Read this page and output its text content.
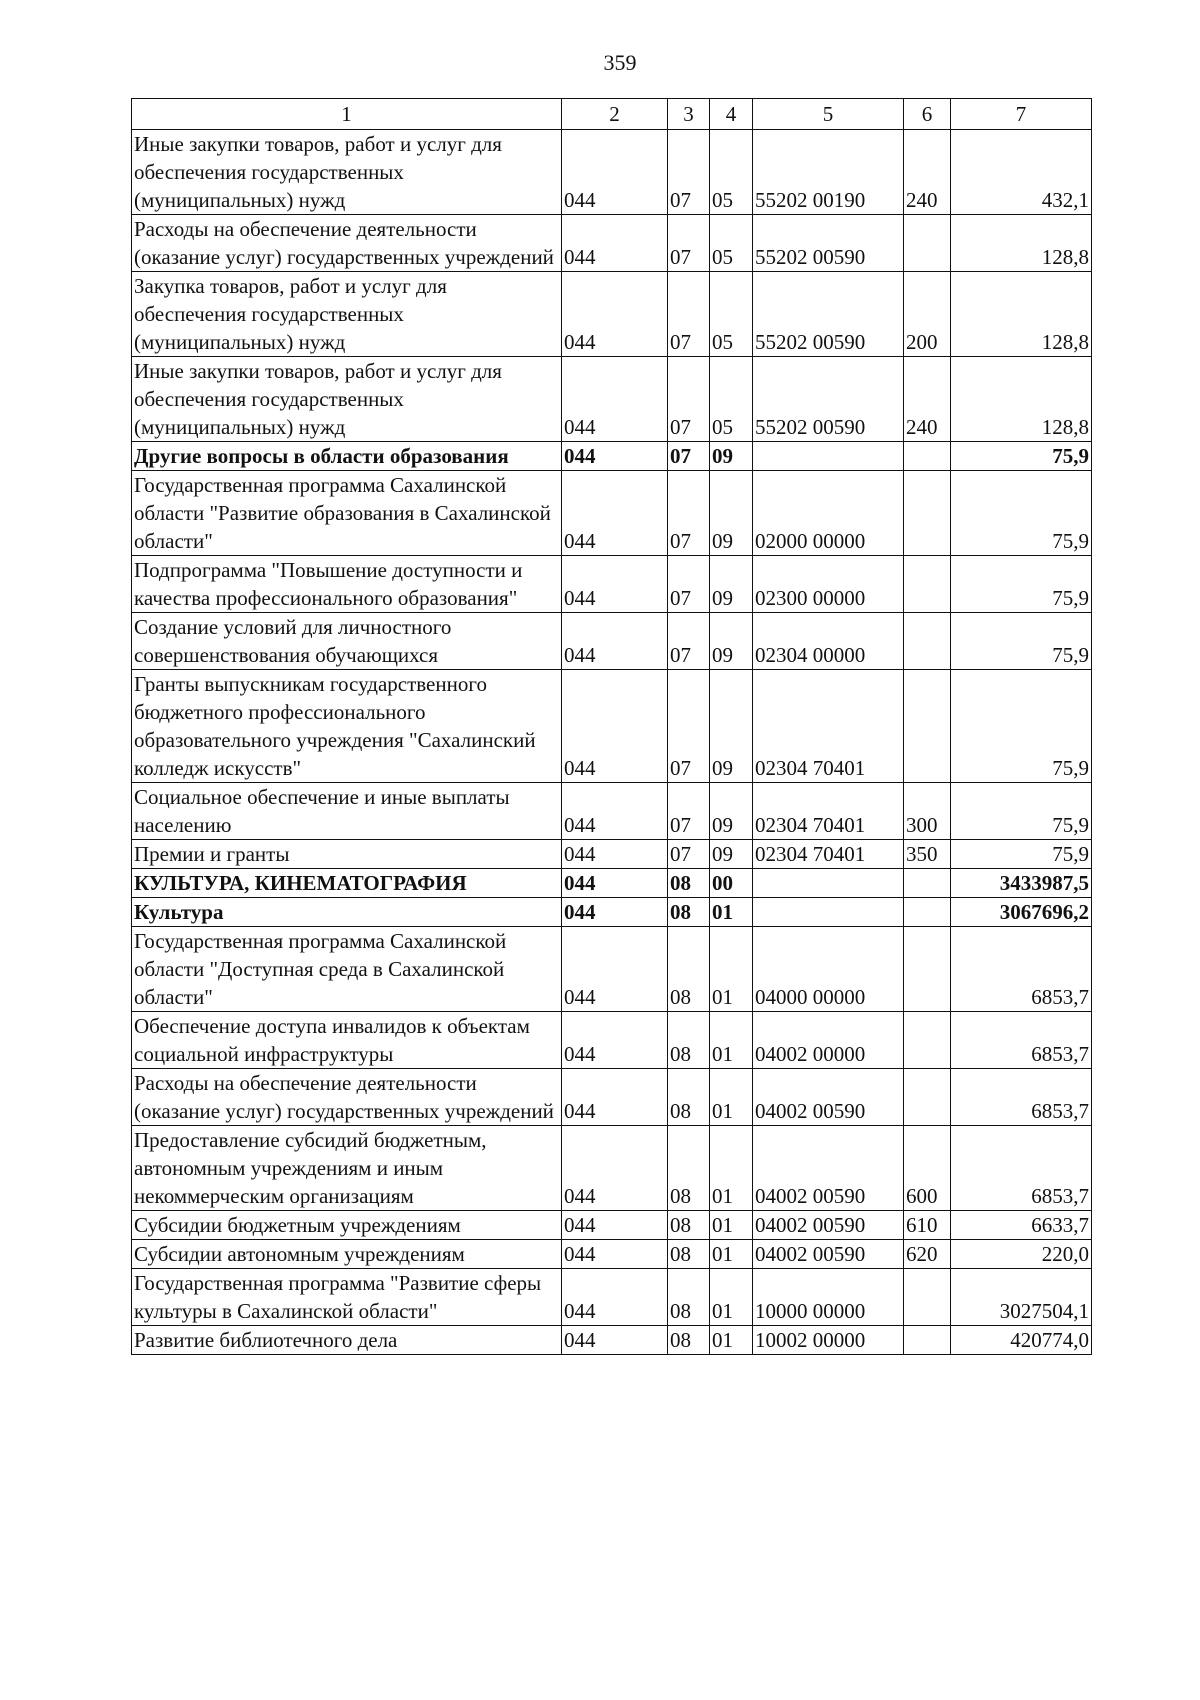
359
1	2	3	4	5	6	7
Иные закупки товаров, работ и услуг для обеспечения государственных (муниципальных) нужд	044	07	05	55202 00190	240	432,1
Расходы на обеспечение деятельности (оказание услуг) государственных учреждений	044	07	05	55202 00590		128,8
Закупка товаров, работ и услуг для обеспечения государственных (муниципальных) нужд	044	07	05	55202 00590	200	128,8
Иные закупки товаров, работ и услуг для обеспечения государственных (муниципальных) нужд	044	07	05	55202 00590	240	128,8
Другие вопросы в области образования	044	07	09			75,9
Государственная программа Сахалинской области "Развитие образования в Сахалинской области"	044	07	09	02000 00000		75,9
Подпрограмма "Повышение доступности и качества профессионального образования"	044	07	09	02300 00000		75,9
Создание условий для личностного совершенствования обучающихся	044	07	09	02304 00000		75,9
Гранты выпускникам государственного бюджетного профессионального образовательного учреждения "Сахалинский колледж искусств"	044	07	09	02304 70401		75,9
Социальное обеспечение и иные выплаты населению	044	07	09	02304 70401	300	75,9
Премии и гранты	044	07	09	02304 70401	350	75,9
КУЛЬТУРА, КИНЕМАТОГРАФИЯ	044	08	00			3433987,5
Культура	044	08	01			3067696,2
Государственная программа Сахалинской области "Доступная среда в Сахалинской области"	044	08	01	04000 00000		6853,7
Обеспечение доступа инвалидов к объектам социальной инфраструктуры	044	08	01	04002 00000		6853,7
Расходы на обеспечение деятельности (оказание услуг) государственных учреждений	044	08	01	04002 00590		6853,7
Предоставление субсидий бюджетным, автономным учреждениям и иным некоммерческим организациям	044	08	01	04002 00590	600	6853,7
Субсидии бюджетным учреждениям	044	08	01	04002 00590	610	6633,7
Субсидии автономным учреждениям	044	08	01	04002 00590	620	220,0
Государственная программа "Развитие сферы культуры в Сахалинской области"	044	08	01	10000 00000		3027504,1
Развитие библиотечного дела	044	08	01	10002 00000		420774,0
